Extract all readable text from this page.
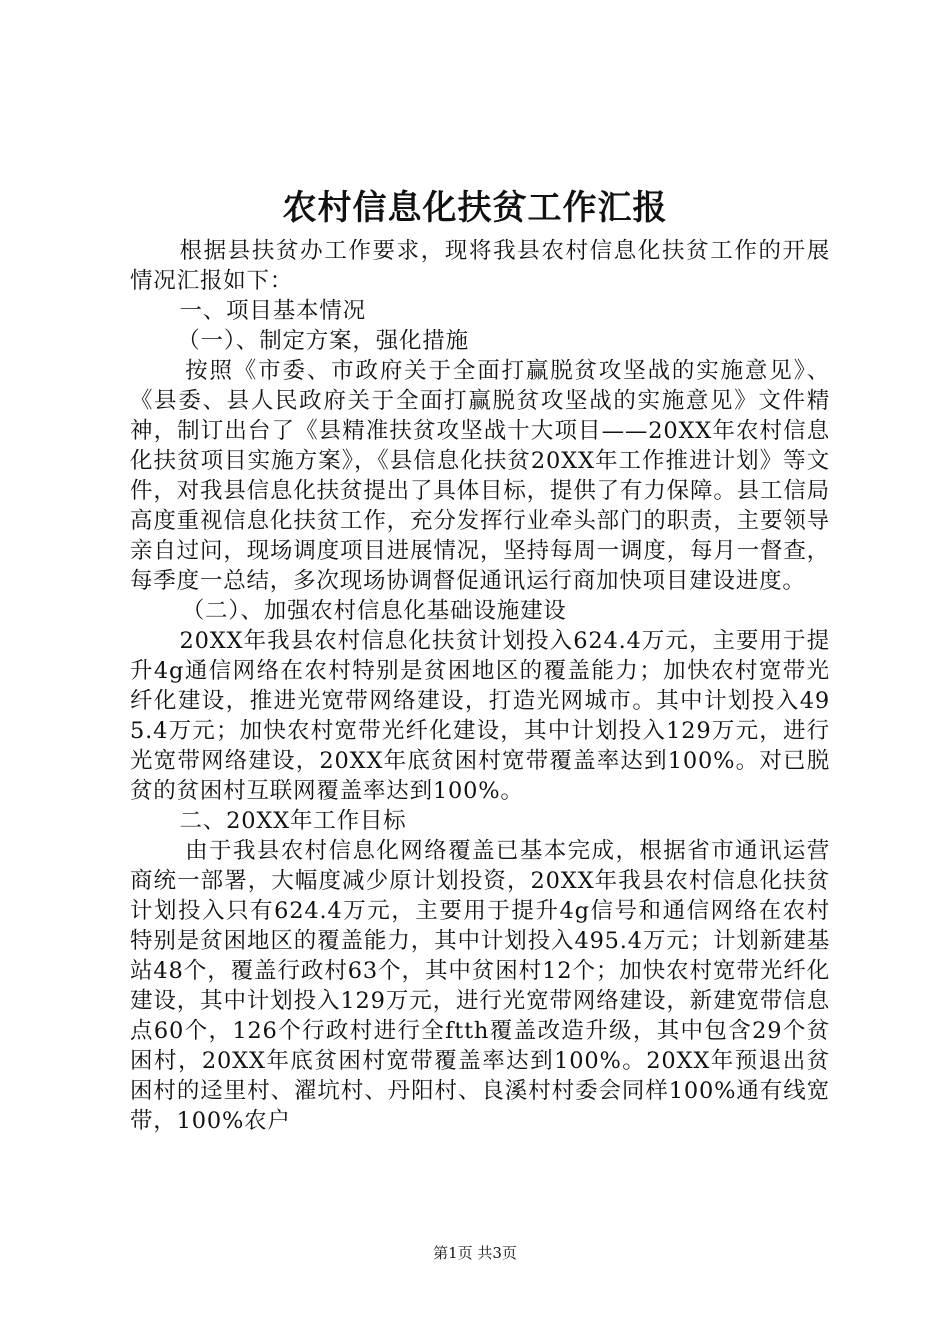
农村信息化扶贫工作汇报

根据县扶贫办工作要求，现将我县农村信息化扶贫工作的开展情况汇报如下：

一、项目基本情况

（一）、制定方案，强化措施

按照《市委、市政府关于全面打赢脱贫攻坚战的实施意见》、《县委、县人民政府关于全面打赢脱贫攻坚战的实施意见》文件精神，制订出台了《县精准扶贫攻坚战十大项目——20XX年农村信息化扶贫项目实施方案》，《县信息化扶贫20XX年工作推进计划》等文件，对我县信息化扶贫提出了具体目标，提供了有力保障。县工信局高度重视信息化扶贫工作，充分发挥行业牵头部门的职责，主要领导亲自过问，现场调度项目进展情况，坚持每周一调度，每月一督查，每季度一总结，多次现场协调督促通讯运行商加快项目建设进度。

（二）、加强农村信息化基础设施建设

20XX年我县农村信息化扶贫计划投入624.4万元，主要用于提升4g通信网络在农村特别是贫困地区的覆盖能力；加快农村宽带光纤化建设，推进光宽带网络建设，打造光网城市。其中计划投入495.4万元；加快农村宽带光纤化建设，其中计划投入129万元，进行光宽带网络建设，20XX年底贫困村宽带覆盖率达到100%。对已脱贫的贫困村互联网覆盖率达到100%。

二、20XX年工作目标

由于我县农村信息化网络覆盖已基本完成，根据省市通讯运营商统一部署，大幅度减少原计划投资，20XX年我县农村信息化扶贫计划投入只有624.4万元，主要用于提升4g信号和通信网络在农村特别是贫困地区的覆盖能力，其中计划投入495.4万元；计划新建基站48个，覆盖行政村63个，其中贫困村12个；加快农村宽带光纤化建设，其中计划投入129万元，进行光宽带网络建设，新建宽带信息点60个，126个行政村进行全ftth覆盖改造升级，其中包含29个贫困村，20XX年底贫困村宽带覆盖率达到100%。20XX年预退出贫困村的迳里村、濯坑村、丹阳村、良溪村村委会同样100%通有线宽带，100%农户

第1页 共3页
